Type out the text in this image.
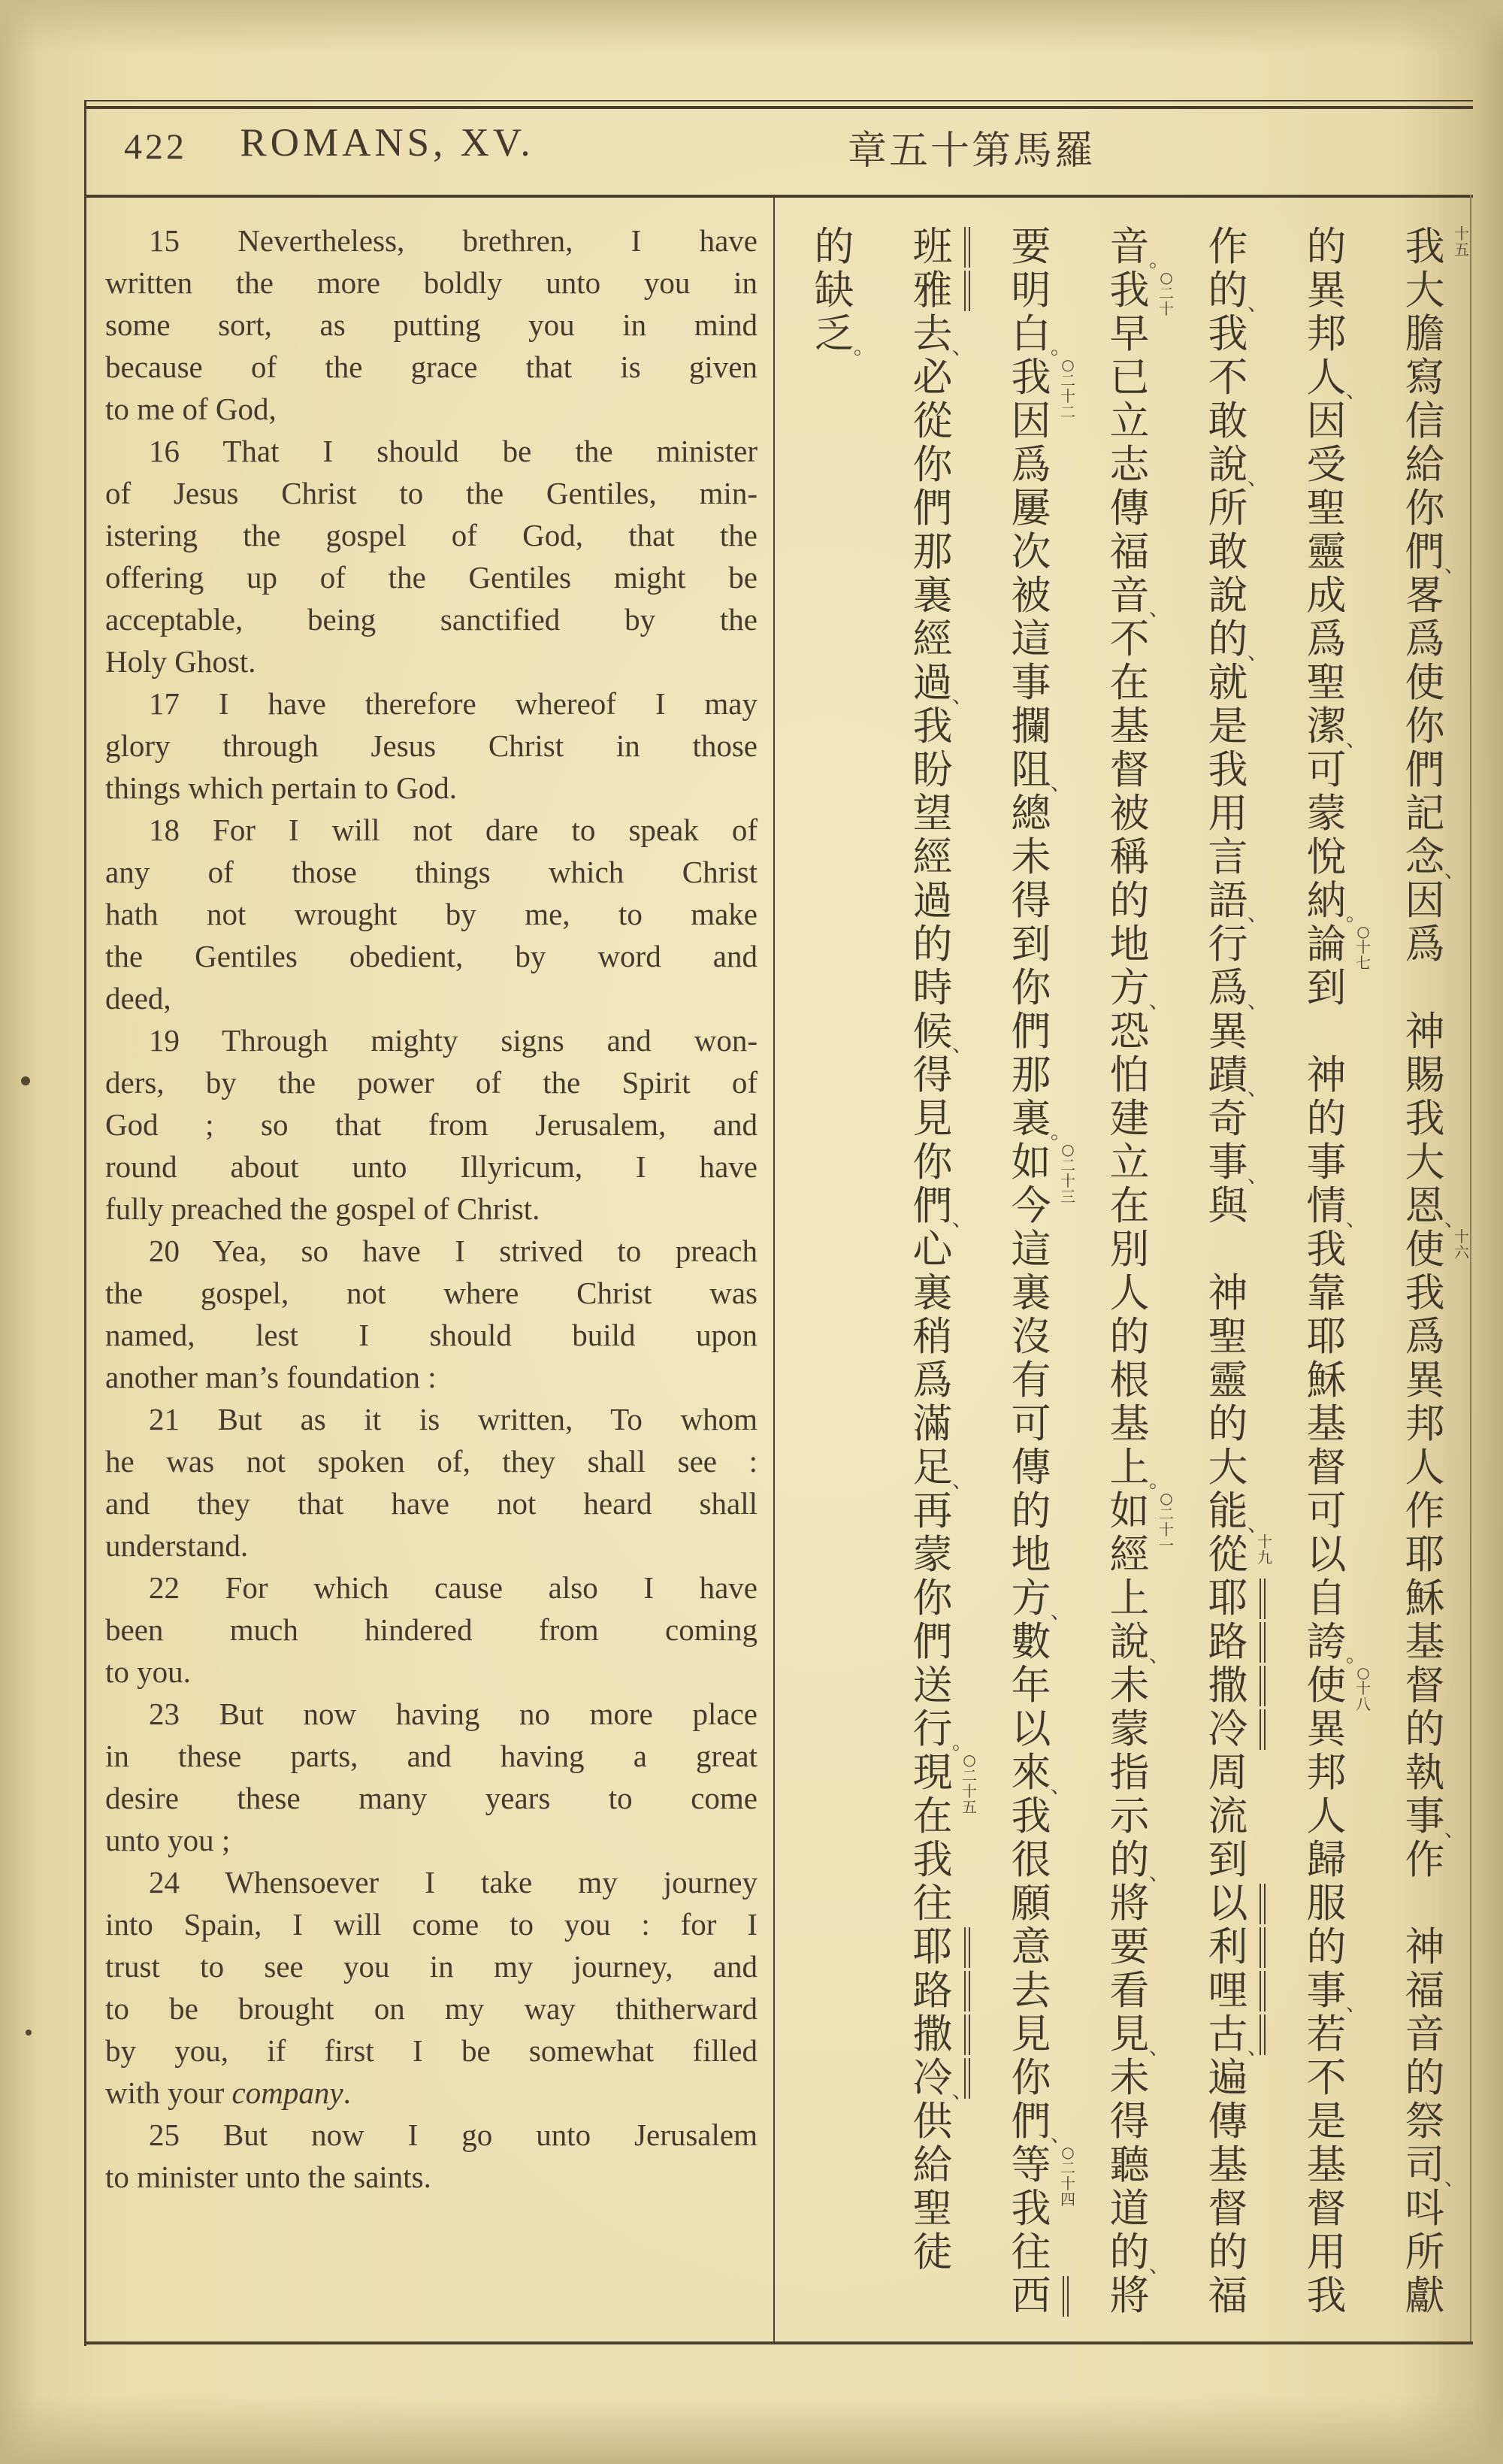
422	ROMANS, XV.	章五十第馬羅
15 Nevertheless, brethren, I have
written the more boldly unto you in
some sort, as putting you in mind
because of the grace that is given
to me of God,
16 That I should be the minister
of Jesus Christ to the Gentiles, min-
istering the gospel of God, that the
offering up of the Gentiles might be
acceptable, being sanctified by the
Holy Ghost.
17 I have therefore whereof I may
glory through Jesus Christ in those
things which pertain to God.
18 For I will not dare to speak of
any of those things which Christ
hath not wrought by me, to make
the Gentiles obedient, by word and
deed,
19 Through mighty signs and won-
ders, by the power of the Spirit of
God ; so that from Jerusalem, and
round about unto Illyricum, I have
fully preached the gospel of Christ.
20 Yea, so have I strived to preach
the gospel, not where Christ was
named, lest I should build upon
another man’s foundation :
21 But as it is written, To whom
he was not spoken of, they shall see :
and they that have not heard shall
understand.
22 For which cause also I have
been much hindered from coming
to you.
23 But now having no more place
in these parts, and having a great
desire these many years to come
unto you ;
24 Whensoever I take my journey
into Spain, I will come to you : for I
trust to see you in my journey, and
to be brought on my way thitherward
by you, if first I be somewhat filled
with your company.
25 But now I go unto Jerusalem
to minister unto the saints.
我 十五
大
膽
寫
信
給
你
們 、
畧
爲
使
你
們
記
念 、
因
爲
神
賜
我
大
恩 、
使 十六
我
爲
異
邦
人
作
耶
穌
基
督
的
執
事 、
作
神
福
音
的
祭
司 、
呌
所
獻
的
異
邦
人 、
因
受
聖
靈
成
爲
聖
潔 、
可
蒙
悅
納 。
論 ○十七
到
神
的
事
情 、
我
靠
耶
穌
基
督
可
以
自
誇 。
使 ○十八
異
邦
人
歸
服
的
事 、
若
不
是
基
督
用
我
作
的 、
我
不
敢
說 、
所
敢
說
的 、
就
是
我
用
言
語 、
行
爲 、
異
蹟 、
奇
事 、
與
神
聖
靈
的
大
能 、
從 十九
耶
路
撒
冷
周
流
到
以
利
哩
古 、
遍
傳
基
督
的
福
音 。
我 ○二十
早
已
立
志
傳
福
音 、
不
在
基
督
被
稱
的
地
方 、
恐
怕
建
立
在
別
人
的
根
基
上 。
如 ○二十一
經
上
說 、
未
蒙
指
示
的 、
將
要
看
見 、
未
得
聽
道
的 、
將
要
明
白 。
我 ○二十二
因
爲
屢
次
被
這
事
攔
阻 、
總
未
得
到
你
們
那
裏 。
如 ○二十三
今
這
裏
沒
有
可
傳
的
地
方 、
數
年
以
來 、
我
很
願
意
去
見
你
們 、
等 ○二十四
我
往
西
班
雅
去 、
必
從
你
們
那
裏
經
過 、
我
盼
望
經
過
的
時
候 、
得
見
你
們 、
心
裏
稍
爲
滿
足 、
再
蒙
你
們
送
行 。
現 ○二十五
在
我
往
耶
路
撒
冷 、
供
給
聖
徒
的
缺
乏 。
